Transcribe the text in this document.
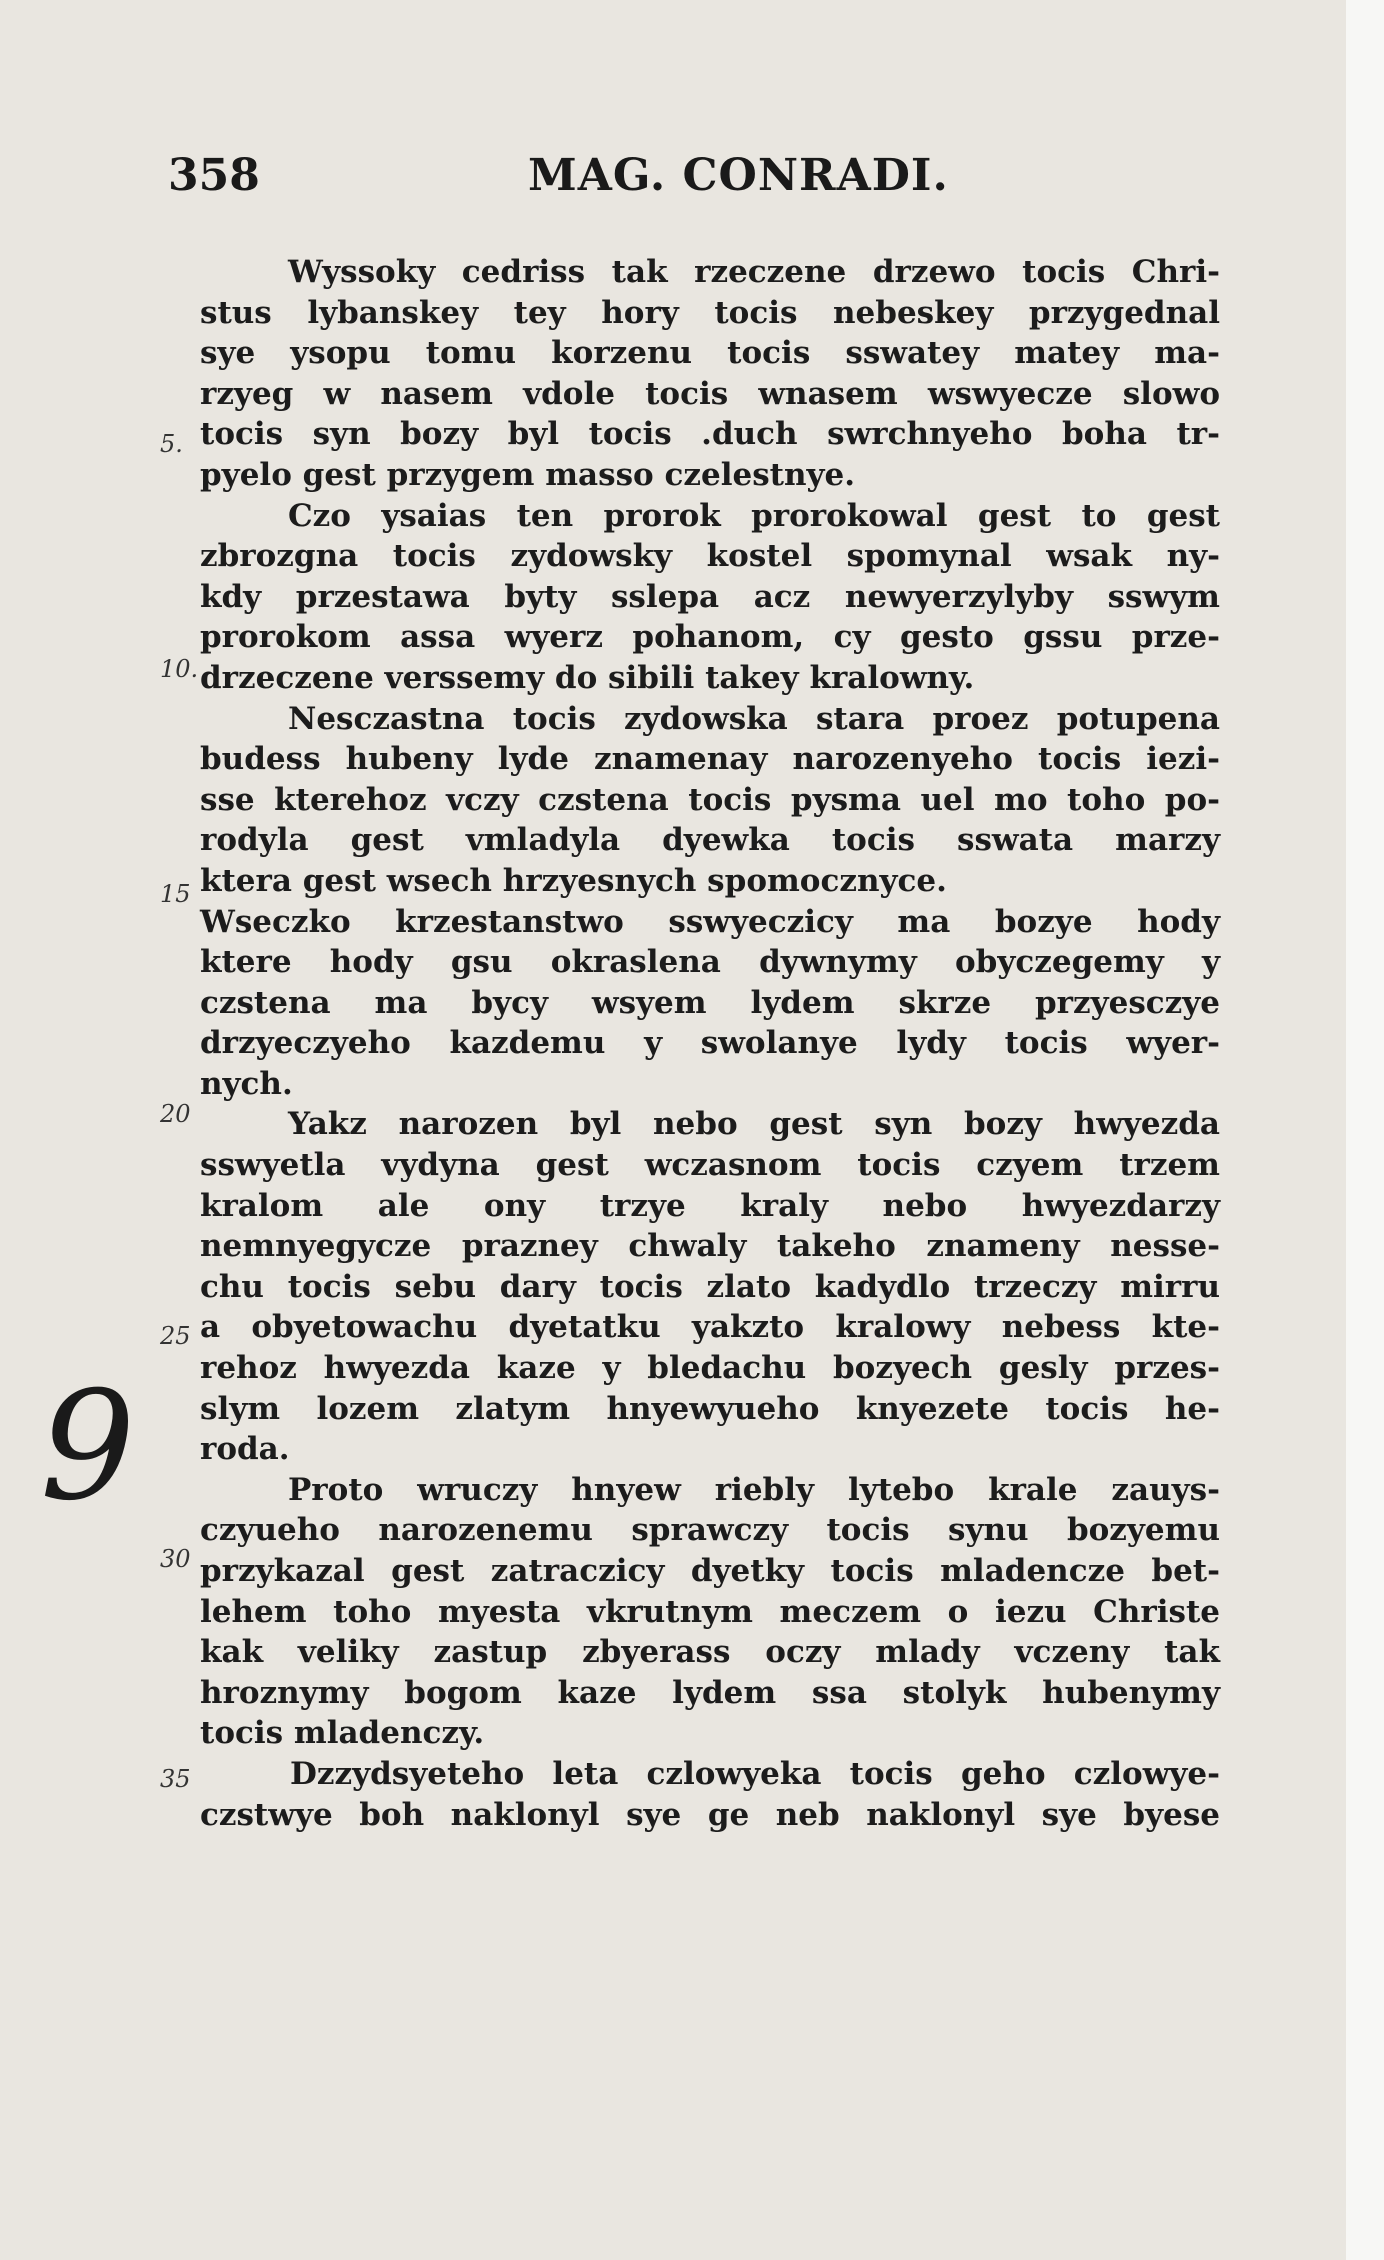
358	MAG. CONRADI.
5.
10.
15
20
25
30
35
9
Wyssoky cedriss tak rzeczene drzewo tocis Chri-
stus lybanskey tey hory tocis nebeskey przygednal
sye ysopu tomu korzenu tocis sswatey matey ma-
rzyeg w nasem vdole tocis wnasem wswyecze slowo
tocis syn bozy byl tocis .duch swrchnyeho boha tr-
pyelo gest przygem masso czelestnye.
Czo ysaias ten prorok prorokowal gest to gest
zbrozgna tocis zydowsky kostel spomynal wsak ny-
kdy przestawa byty sslepa acz newyerzylyby sswym
prorokom assa wyerz pohanom, cy gesto gssu prze-
drzeczene verssemy do sibili takey kralowny.
Nesczastna tocis zydowska stara proez potupena
budess hubeny lyde znamenay narozenyeho tocis iezi-
sse kterehoz vczy czstena tocis pysma uel mo toho po-
rodyla gest vmladyla dyewka tocis sswata marzy
ktera gest wsech hrzyesnych spomocznyce.
Wseczko krzestanstwo sswyeczicy ma bozye hody
ktere hody gsu okraslena dywnymy obyczegemy y
czstena ma bycy wsyem lydem skrze przyesczye
drzyeczyeho kazdemu y swolanye lydy tocis wyer-
nych.
Yakz narozen byl nebo gest syn bozy hwyezda
sswyetla vydyna gest wczasnom tocis czyem trzem
kralom ale ony trzye kraly nebo hwyezdarzy
nemnyegycze prazney chwaly takeho znameny nesse-
chu tocis sebu dary tocis zlato kadydlo trzeczy mirru
a obyetowachu dyetatku yakzto kralowy nebess kte-
rehoz hwyezda kaze y bledachu bozyech gesly przes-
slym lozem zlatym hnyewyueho knyezete tocis he-
roda.
Proto wruczy hnyew riebly lytebo krale zauys-
czyueho narozenemu sprawczy tocis synu bozyemu
przykazal gest zatraczicy dyetky tocis mladencze bet-
lehem toho myesta vkrutnym meczem o iezu Christe
kak veliky zastup zbyerass oczy mlady vczeny tak
hroznymy bogom kaze lydem ssa stolyk hubenymy
tocis mladenczy.
Dzzydsyeteho leta czlowyeka tocis geho czlowye-
czstwye boh naklonyl sye ge neb naklonyl sye byese
